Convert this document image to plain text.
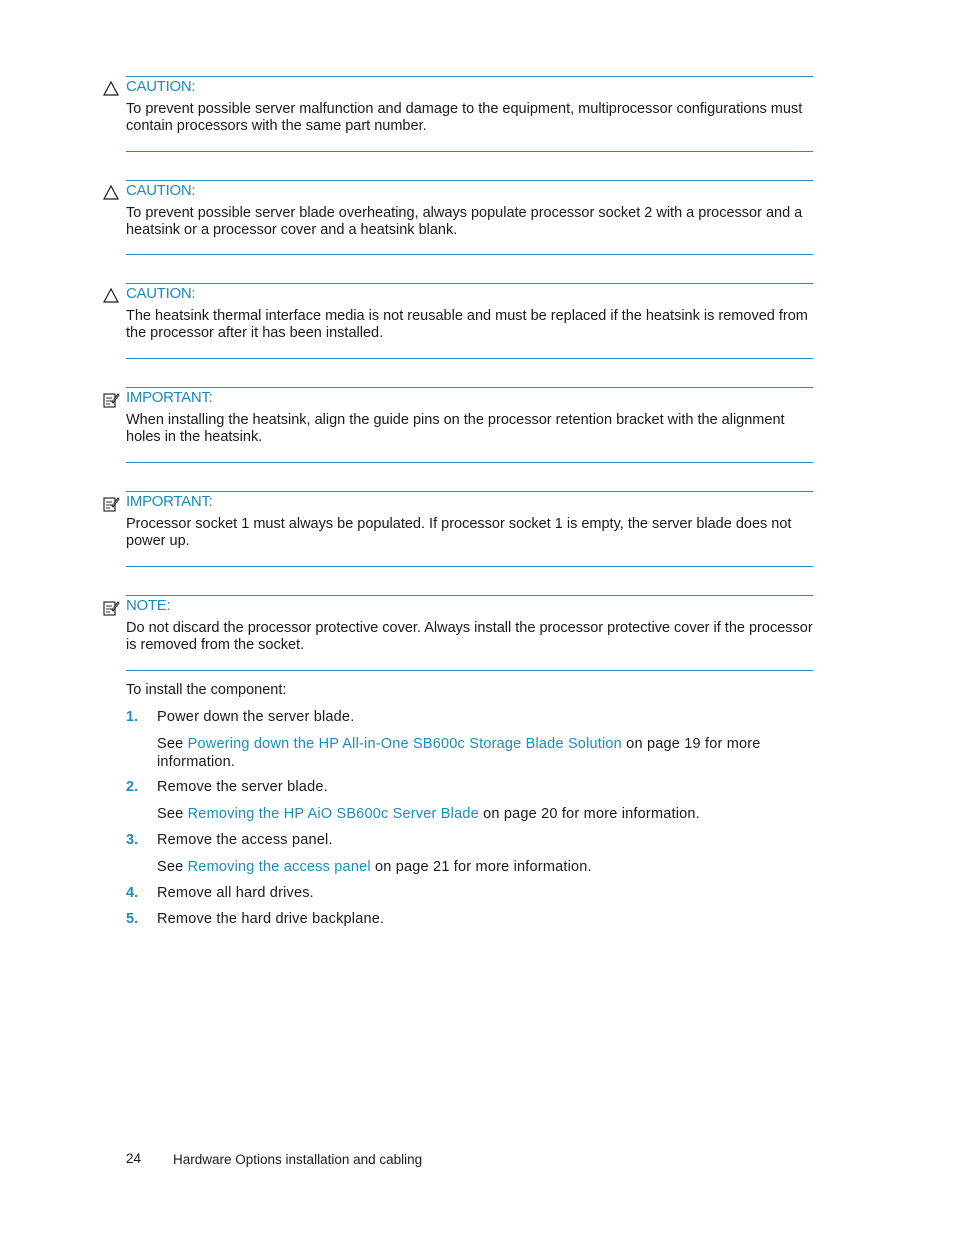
CAUTION:
To prevent possible server malfunction and damage to the equipment, multiprocessor configurations must contain processors with the same part number.
CAUTION:
To prevent possible server blade overheating, always populate processor socket 2 with a processor and a heatsink or a processor cover and a heatsink blank.
CAUTION:
The heatsink thermal interface media is not reusable and must be replaced if the heatsink is removed from the processor after it has been installed.
IMPORTANT:
When installing the heatsink, align the guide pins on the processor retention bracket with the alignment holes in the heatsink.
IMPORTANT:
Processor socket 1 must always be populated. If processor socket 1 is empty, the server blade does not power up.
NOTE:
Do not discard the processor protective cover. Always install the processor protective cover if the processor is removed from the socket.
To install the component:
1. Power down the server blade.
See Powering down the HP All-in-One SB600c Storage Blade Solution on page 19 for more information.
2. Remove the server blade.
See Removing the HP AiO SB600c Server Blade on page 20 for more information.
3. Remove the access panel.
See Removing the access panel on page 21 for more information.
4. Remove all hard drives.
5. Remove the hard drive backplane.
24 Hardware Options installation and cabling
